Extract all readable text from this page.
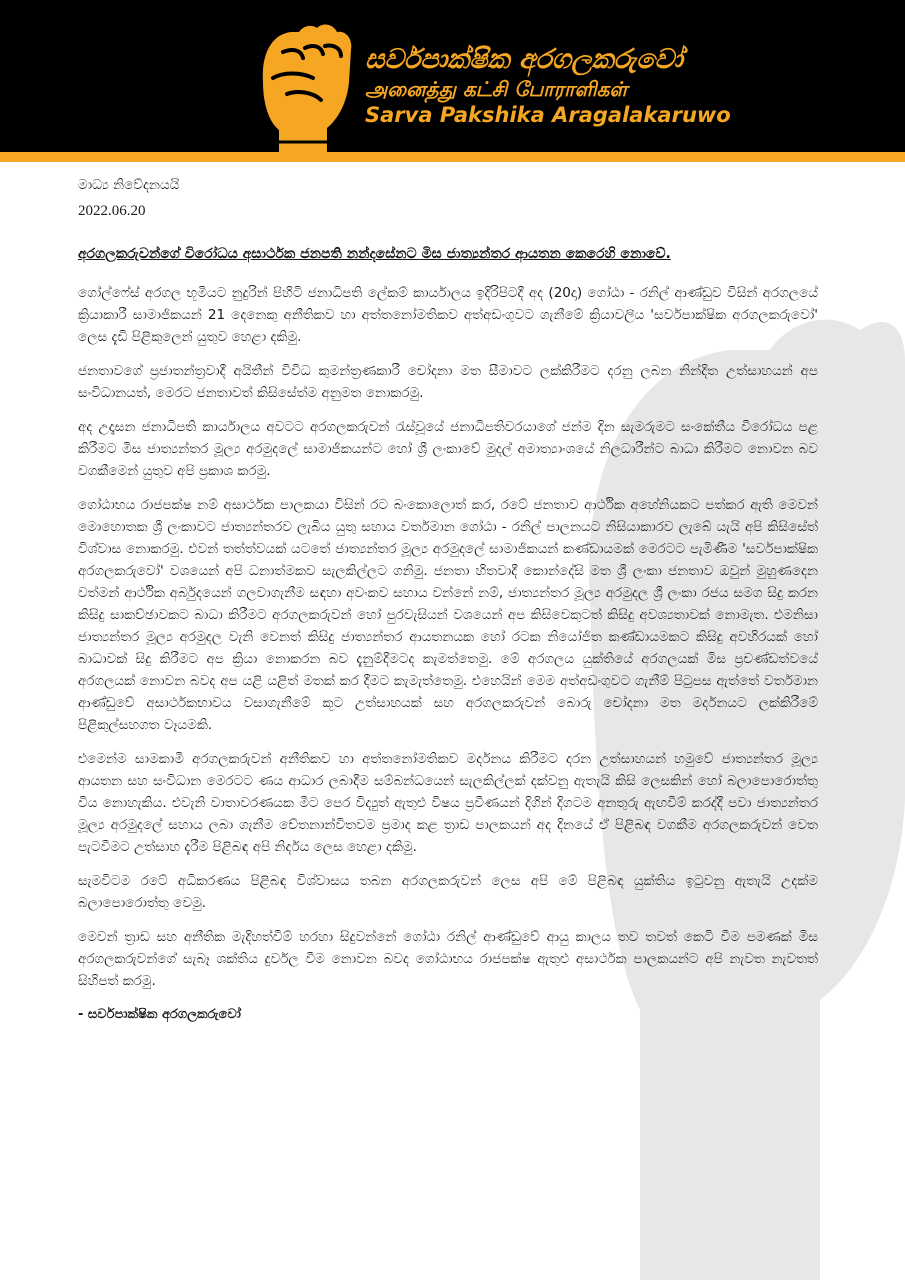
සර්වපාක්ෂික අරගලකරුවෝ
அனைத்து கட்சி போராளிகள்
Sarva Pakshika Aragalakaruwo

මාධ්‍ය නිවේදනයයි

2022.06.20

අරගලකරුවන්ගේ විරෝධය අසාර්ථක ජනපති නන්දසේනට මිස ජාත්‍යන්තර ආයතන කෙරෙහි නොවේ.

ගෝල්ෆේස් අරගල භූමියට නුදුරින් පිහිටි ජනාධිපති ලේකම් කාර්යාලය ඉදිරිපිටදී අද (20දා) ගෝඨා - රනිල් ආණ්ඩුව විසින් අරගලයේ ක්‍රියාකාරී සාමාජිකයන් 21 දෙනෙකු අනීතිකව හා අත්තනෝමතිකව අත්අඩංගුවට ගැනීමේ ක්‍රියාවලිය 'සර්වපාක්ෂික අරගලකරුවෝ' ලෙස දැඩි පිළිකුලෙන් යුතුව හෙළා දකිමු.

ජනතාවගේ ප්‍රජාතන්ත්‍රවාදී අයිතීන් විවිධ කුමන්ත්‍රණකාරී චෝදනා මත සීමාවට ලක්කිරීමට දරනු ලබන නින්දිත උත්සාහයන් අප සංවිධානයත්, මෙරට ජනතාවත් කිසිසේත්ම අනුමත නොකරමු.

අද උදෑසන ජනාධිපති කාර්යාලය අවටට අරගලකරුවන් රැස්වූයේ ජනාධිපතිවරයාගේ ජන්ම දින සැමරුමට සංකේතීය විරෝධය පළ කිරීමට මිස ජාත්‍යන්තර මූල්‍ය අරමුදලේ සාමාජිකයන්ට හෝ ශ්‍රී ලංකාවේ මුදල් අමාත්‍යාංශයේ නිලධාරීන්ට බාධා කිරීමට නොවන බව වගකීමෙන් යුතුව අපි ප්‍රකාශ කරමු.

ගෝඨාභය රාජපක්ෂ නම් අසාර්ථක පාලකයා විසින් රට බංකොලොත් කර, රටේ ජනතාව ආර්ථික අහේනියකට පත්කර ඇති මෙවන් මොහොතක ශ්‍රී ලංකාවට ජාත්‍යන්තරව ලැබිය යුතු සහාය වර්තමාන ගෝඨා - රනිල් පාලනයට නිසියාකාරව ලැබේ යැයි අපි කිසිසේත් විශ්වාස නොකරමු. එවන් තත්ත්වයක් යටතේ ජාත්‍යන්තර මූල්‍ය අරමුදලේ සාමාජිකයන් කණ්ඩායමක් මෙරටට පැමිණීම 'සර්වපාක්ෂික අරගලකරුවෝ' වශයෙන් අපි ධනාත්මකව සැලකිල්ලට ගනිමු. ජනතා හිතවාදී කොන්දේසි මත ශ්‍රී ලංකා ජනතාව ඔවුන් මුහුණදෙන වත්මන් ආර්ථික අර්බුදයෙන් ගලවාගැනීම සඳහා අවංකව සහාය වන්නේ නම්, ජාත්‍යන්තර මූල්‍ය අරමුදල ශ්‍රී ලංකා රජය සමග සිදු කරන කිසිදු සාකච්ඡාවකට බාධා කිරීමට අරගලකරුවන් හෝ පුරවැසියන් වශයෙන් අප කිසිවෙකුටත් කිසිදු අවශ්‍යතාවක් නොමැත. එමනිසා ජාත්‍යන්තර මූල්‍ය අරමුදල වැනි වෙනත් කිසිදු ජාත්‍යන්තර ආයතනයක හෝ රටක නියෝජිත කණ්ඩායමකට කිසිදු අවහිරයක් හෝ බාධාවක් සිදු කිරීමට අප ක්‍රියා නොකරන බව දැනුම්දීමටද කැමත්තෙමු. මේ අරගලය යුක්තියේ අරගලයක් මිස ප්‍රචණ්ඩත්වයේ අරගලයක් නොවන බවද අප යළි යළිත් මතක් කර දීමට කැමැත්තෙමු. එහෙයින් මෙම අත්අඩංගුවට ගැනීම් පිටුපස ඇත්තේ වර්තමාන ආණ්ඩුවේ අසාර්ථකභාවය වසාගැනීමේ කූට උත්සාහයක් සහ අරගලකරුවන් බොරු චෝදනා මත මර්දනයට ලක්කිරීමේ පිළිකුල්සහගත වෑයමකි.

එමෙන්ම සාමකාමී අරගලකරුවන් අනීතිකව හා අත්තනෝමතිකව මර්දනය කිරීමට දරන උත්සාහයන් හමුවේ ජාත්‍යන්තර මූල්‍ය ආයතන සහ සංවිධාන මෙරටට ණය ආධාර ලබාදීම සම්බන්ධයෙන් සැලකිල්ලක් දක්වනු ඇතැයි කිසි ලෙසකින් හෝ බලාපොරොත්තු විය නොහැකිය. එවැනි වාතාවරණයක මීට පෙර විද්‍යුත් ඇතුළු විෂය ප්‍රවීණයන් දිගින් දිගටම අනතුරු ඇඟවීම් කරද්දී පවා ජාත්‍යන්තර මූල්‍ය අරමුදලේ සහාය ලබා ගැනීම චේතනාන්විතවම ප්‍රමාද කළ ත්‍රාඩ පාලකයන් අද දිනයේ ඒ පිළිබඳ වගකීම අරගලකරුවන් වෙත පැටවීමට උත්සාහ දැරීම පිළිබඳ අපි නිර්දය ලෙස හෙළා දකිමු.

සැමවිටම රටේ අධිකරණය පිළිබඳ විශ්වාසය තබන අරගලකරුවන් ලෙස අපි මේ පිළිබඳ යුක්තිය ඉටුවනු ඇතැයි උදක්ම බලාපොරොත්තු වෙමු.

මෙවන් ත්‍රාඩ සහ අනීතික මැදිහත්වීම් හරහා සිදුවන්නේ ගෝඨා රනිල් ආණ්ඩුවේ ආයු කාලය තව තවත් කෙටි වීම පමණක් මිස අරගලකරුවන්ගේ සැබෑ ශක්තිය දුර්වල වීම නොවන බවද ගෝඨාභය රාජපක්ෂ ඇතුළු අසාර්ථක පාලකයන්ට අපි නැවත නැවතත් සිහිපත් කරමු.

- සර්වපාක්ෂික අරගලකරුවෝ
